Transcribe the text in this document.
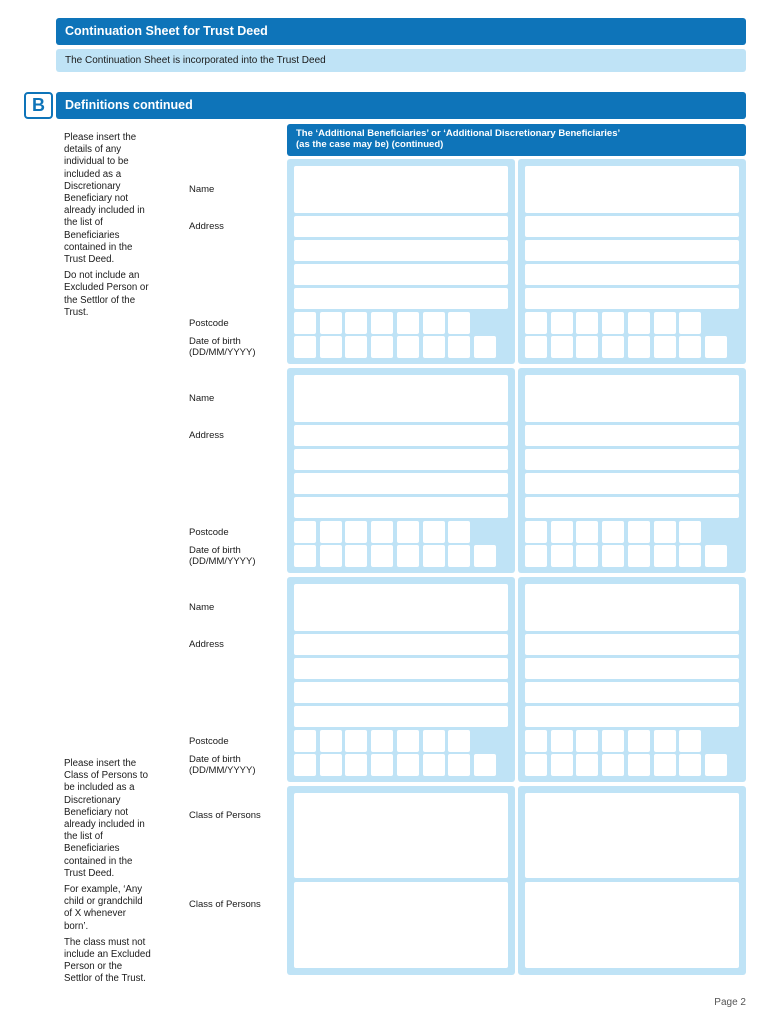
Continuation Sheet for Trust Deed
The Continuation Sheet is incorporated into the Trust Deed
B	Definitions continued
The ‘Additional Beneficiaries’ or ‘Additional Discretionary Beneficiaries’
(as the case may be) (continued)

Please insert the details of any individual to be included as a Discretionary Beneficiary not already included in the list of Beneficiaries contained in the Trust Deed.

Do not include an Excluded Person or the Settlor of the Trust.

Please insert the Class of Persons to be included as a Discretionary Beneficiary not already included in the list of Beneficiaries contained in the Trust Deed.

For example, ‘Any child or grandchild of X whenever born’.

The class must not include an Excluded Person or the Settlor of the Trust.

Name
Address
Postcode
Date of birth
(DD/MM/YYYY)
Name
Address
Postcode
Date of birth
(DD/MM/YYYY)
Name
Address
Postcode
Date of birth
(DD/MM/YYYY)
Class of Persons
Class of Persons
Page 2
